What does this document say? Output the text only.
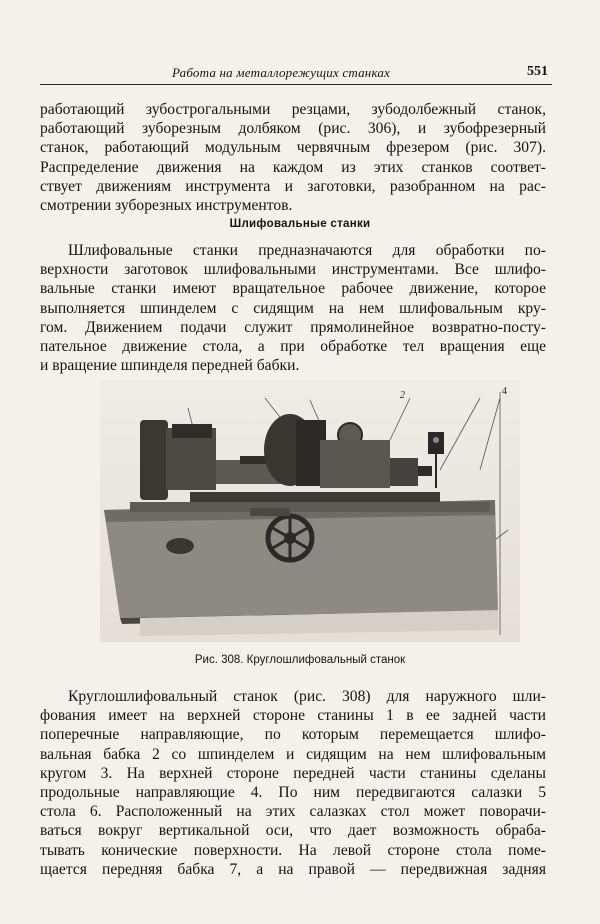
Работа на металлорежущих станках	551
работающий зубострогальными резцами, зубодолбежный станок,
работающий зуборезным долбяком (рис. 306), и зубофрезерный
станок, работающий модульным червячным фрезером (рис. 307).
Распределение движения на каждом из этих станков соответ-
ствует движениям инструмента и заготовки, разобранном на рас-
смотрении зуборезных инструментов.
Шлифовальные станки
Шлифовальные станки предназначаются для обработки по-
верхности заготовок шлифовальными инструментами. Все шлифо-
вальные станки имеют вращательное рабочее движение, которое
выполняется шпинделем с сидящим на нем шлифовальным кру-
гом. Движением подачи служит прямолинейное возвратно-посту-
пательное движение стола, а при обработке тел вращения еще
и вращение шпинделя передней бабки.
2	4
Рис. 308. Круглошлифовальный станок
Круглошлифовальный станок (рис. 308) для наружного шли-
фования имеет на верхней стороне станины 1 в ее задней части
поперечные направляющие, по которым перемещается шлифо-
вальная бабка 2 со шпинделем и сидящим на нем шлифовальным
кругом 3. На верхней стороне передней части станины сделаны
продольные направляющие 4. По ним передвигаются салазки 5
стола 6. Расположенный на этих салазках стол может поворачи-
ваться вокруг вертикальной оси, что дает возможность обраба-
тывать конические поверхности. На левой стороне стола поме-
щается передняя бабка 7, а на правой — передвижная задняя
